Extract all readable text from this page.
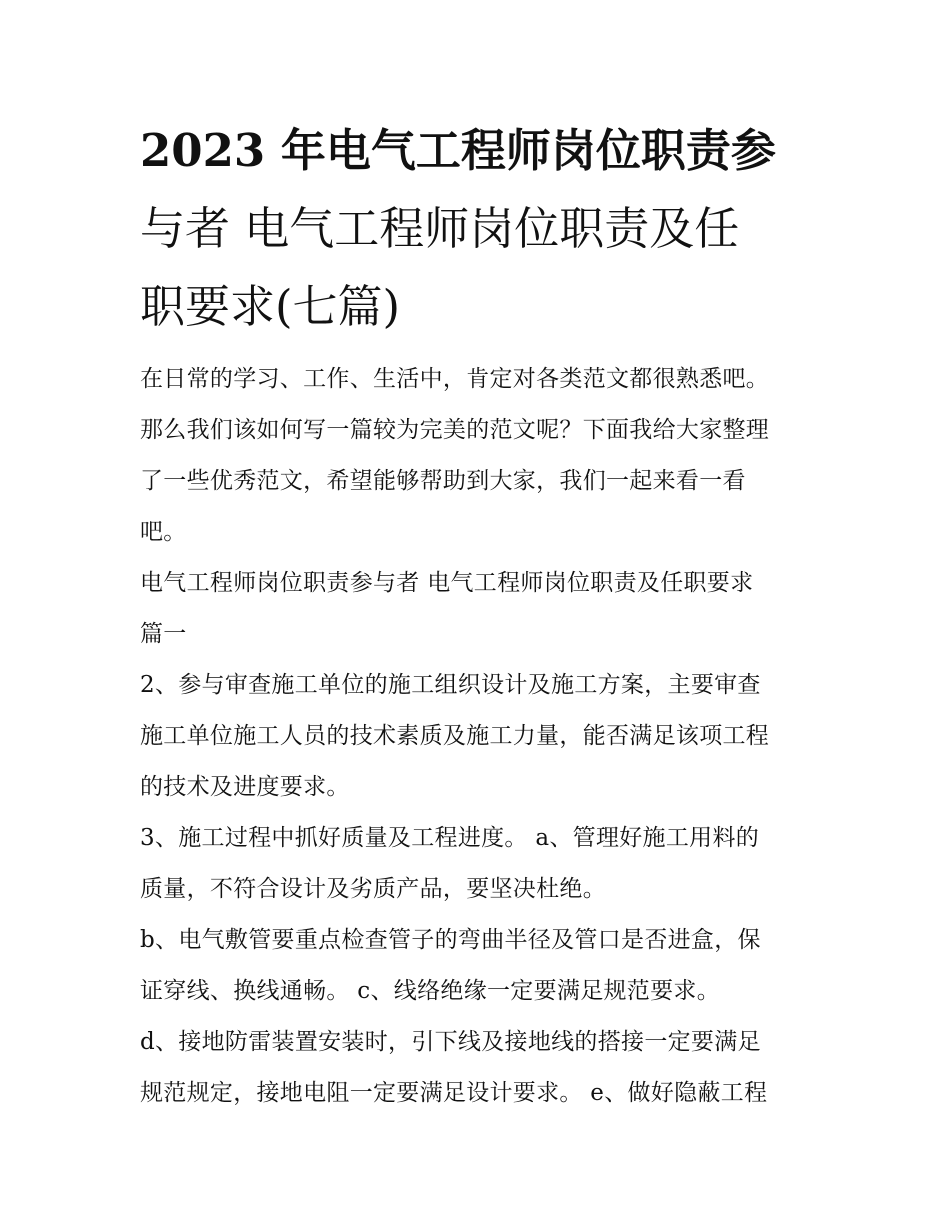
2023 年电气工程师岗位职责参
与者 电气工程师岗位职责及任
职要求(七篇)

在日常的学习、工作、生活中，肯定对各类范文都很熟悉吧。
那么我们该如何写一篇较为完美的范文呢？下面我给大家整理
了一些优秀范文，希望能够帮助到大家，我们一起来看一看
吧。

电气工程师岗位职责参与者 电气工程师岗位职责及任职要求
篇一

2、参与审查施工单位的施工组织设计及施工方案，主要审查
施工单位施工人员的技术素质及施工力量，能否满足该项工程
的技术及进度要求。

3、施工过程中抓好质量及工程进度。 a、管理好施工用料的
质量，不符合设计及劣质产品，要坚决杜绝。

b、电气敷管要重点检查管子的弯曲半径及管口是否进盒，保
证穿线、换线通畅。 c、线络绝缘一定要满足规范要求。

d、接地防雷装置安装时，引下线及接地线的搭接一定要满足
规范规定，接地电阻一定要满足设计要求。 e、做好隐蔽工程
